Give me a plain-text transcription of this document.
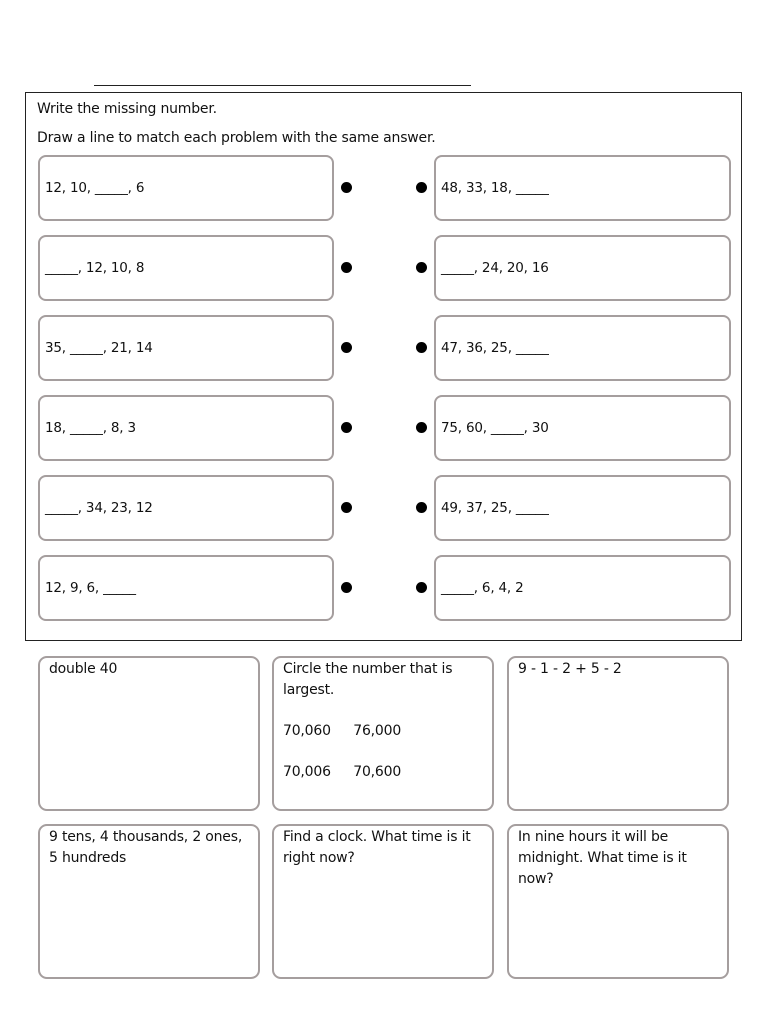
Write the missing number.
Draw a line to match each problem with the same answer.
12, 10, _____, 6
_____, 12, 10, 8
35, _____, 21, 14
18, _____, 8, 3
_____, 34, 23, 12
12, 9, 6, _____
48, 33, 18, _____
_____, 24, 20, 16
47, 36, 25, _____
75, 60, _____, 30
49, 37, 25, _____
_____, 6, 4, 2
double 40	Circle the number that is largest.
70,060 76,000
70,006 70,600
9 - 1 - 2 + 5 - 2
9 tens, 4 thousands, 2 ones, 5 hundreds
Find a clock. What time is it right now?
In nine hours it will be midnight. What time is it now?
